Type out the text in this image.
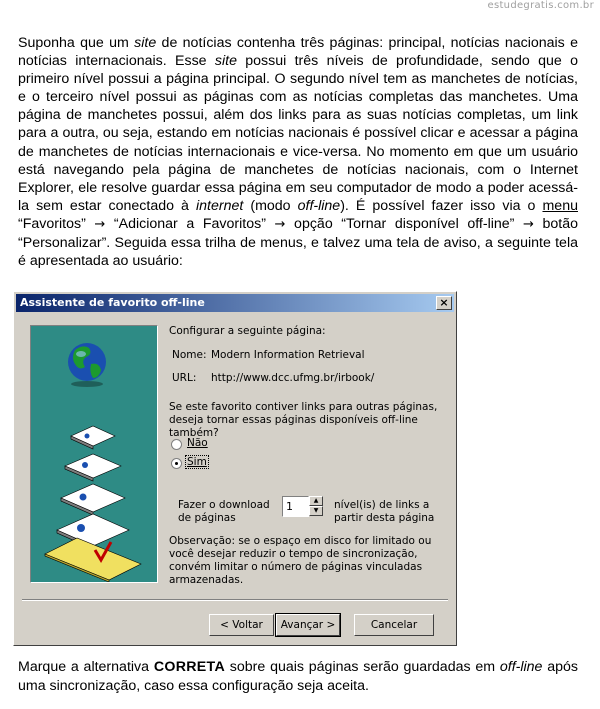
estudegratis.com.br

Suponha que um site de notícias contenha três páginas: principal, notícias nacionais e notícias internacionais. Esse site possui três níveis de profundidade, sendo que o primeiro nível possui a página principal. O segundo nível tem as manchetes de notícias, e o terceiro nível possui as páginas com as notícias completas das manchetes. Uma página de manchetes possui, além dos links para as suas notícias completas, um link para a outra, ou seja, estando em notícias nacionais é possível clicar e acessar a página de manchetes de notícias internacionais e vice-versa. No momento em que um usuário está navegando pela página de manchetes de notícias nacionais, com o Internet Explorer, ele resolve guardar essa página em seu computador de modo a poder acessá-la sem estar conectado à internet (modo off-line). É possível fazer isso via o menu “Favoritos” → “Adicionar a Favoritos” → opção “Tornar disponível off-line” → botão “Personalizar”. Seguida essa trilha de menus, e talvez uma tela de aviso, a seguinte tela é apresentada ao usuário:

Assistente de favorito off-line	×
Configurar a seguinte página:
Nome: Modern Information Retrieval
URL: http://www.dcc.ufmg.br/irbook/
Se este favorito contiver links para outras páginas, deseja tornar essas páginas disponíveis off-line também?
Não
Sim
Fazer o download de páginas
1	▲
▼	nível(is) de links a partir desta página
Observação: se o espaço em disco for limitado ou você desejar reduzir o tempo de sincronização, convém limitar o número de páginas vinculadas armazenadas.
< Voltar	Avançar >	Cancelar

Marque a alternativa CORRETA sobre quais páginas serão guardadas em off-line após uma sincronização, caso essa configuração seja aceita.
